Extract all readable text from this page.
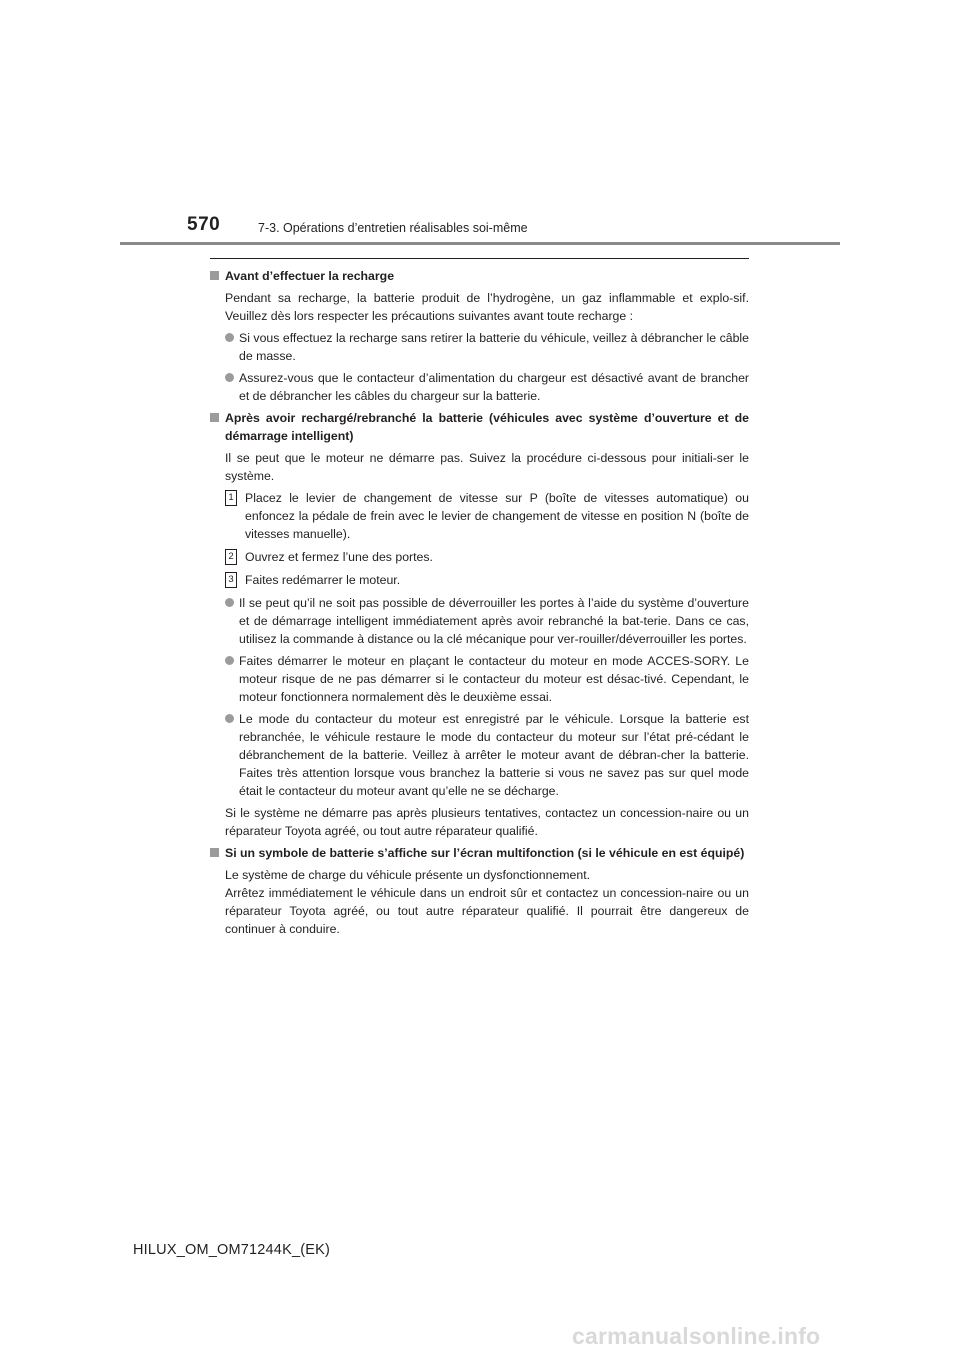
570	7-3. Opérations d’entretien réalisables soi-même
Avant d’effectuer la recharge

Pendant sa recharge, la batterie produit de l’hydrogène, un gaz inflammable et explo-sif. Veuillez dès lors respecter les précautions suivantes avant toute recharge :

Si vous effectuez la recharge sans retirer la batterie du véhicule, veillez à débrancher le câble de masse.
Assurez-vous que le contacteur d’alimentation du chargeur est désactivé avant de brancher et de débrancher les câbles du chargeur sur la batterie.
Après avoir rechargé/rebranché la batterie (véhicules avec système d’ouverture et de démarrage intelligent)

Il se peut que le moteur ne démarre pas. Suivez la procédure ci-dessous pour initiali-ser le système.

1 Placez le levier de changement de vitesse sur P (boîte de vitesses automatique) ou enfoncez la pédale de frein avec le levier de changement de vitesse en position N (boîte de vitesses manuelle).
2 Ouvrez et fermez l’une des portes.
3 Faites redémarrer le moteur.
Il se peut qu’il ne soit pas possible de déverrouiller les portes à l’aide du système d’ouverture et de démarrage intelligent immédiatement après avoir rebranché la bat-terie. Dans ce cas, utilisez la commande à distance ou la clé mécanique pour ver-rouiller/déverrouiller les portes.
Faites démarrer le moteur en plaçant le contacteur du moteur en mode ACCES-SORY. Le moteur risque de ne pas démarrer si le contacteur du moteur est désac-tivé. Cependant, le moteur fonctionnera normalement dès le deuxième essai.
Le mode du contacteur du moteur est enregistré par le véhicule. Lorsque la batterie est rebranchée, le véhicule restaure le mode du contacteur du moteur sur l’état pré-cédant le débranchement de la batterie. Veillez à arrêter le moteur avant de débran-cher la batterie. Faites très attention lorsque vous branchez la batterie si vous ne savez pas sur quel mode était le contacteur du moteur avant qu’elle ne se décharge.

Si le système ne démarre pas après plusieurs tentatives, contactez un concession-naire ou un réparateur Toyota agréé, ou tout autre réparateur qualifié.

Si un symbole de batterie s’affiche sur l’écran multifonction (si le véhicule en est équipé)

Le système de charge du véhicule présente un dysfonctionnement.

Arrêtez immédiatement le véhicule dans un endroit sûr et contactez un concession-naire ou un réparateur Toyota agréé, ou tout autre réparateur qualifié. Il pourrait être dangereux de continuer à conduire.

HILUX_OM_OM71244K_(EK)
carmanualsonline.info
